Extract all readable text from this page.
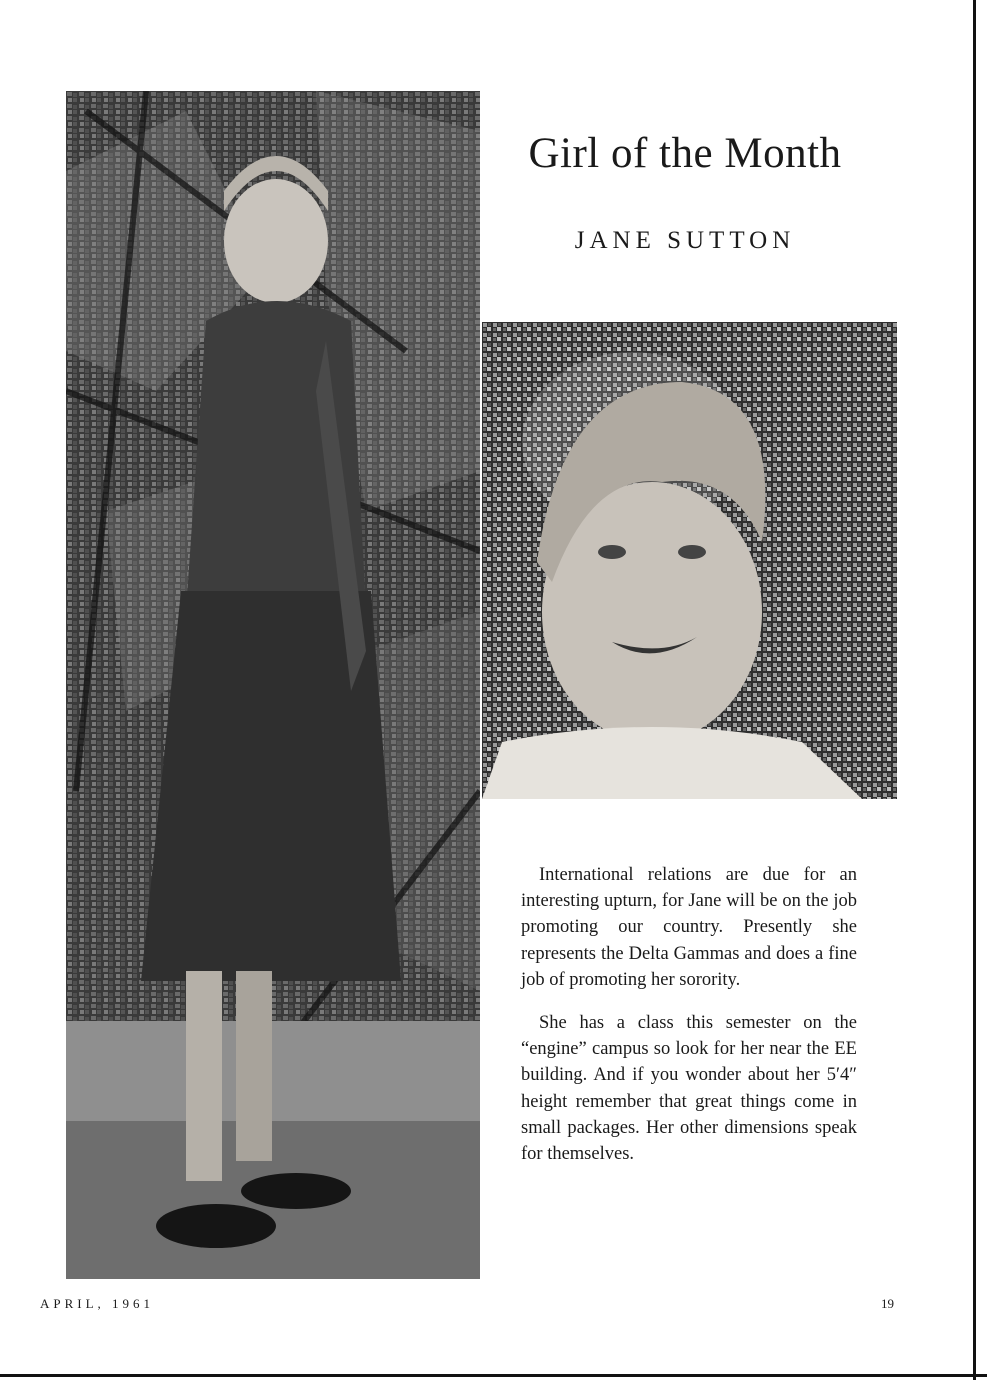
Girl of the Month
JANE SUTTON

International relations are due for an interesting upturn, for Jane will be on the job promoting our country. Presently she represents the Delta Gammas and does a fine job of promoting her sorority.

She has a class this semester on the “engine” campus so look for her near the EE building. And if you wonder about her 5′4″ height remember that great things come in small packages. Her other dimensions speak for themselves.

APRIL, 1961	19
